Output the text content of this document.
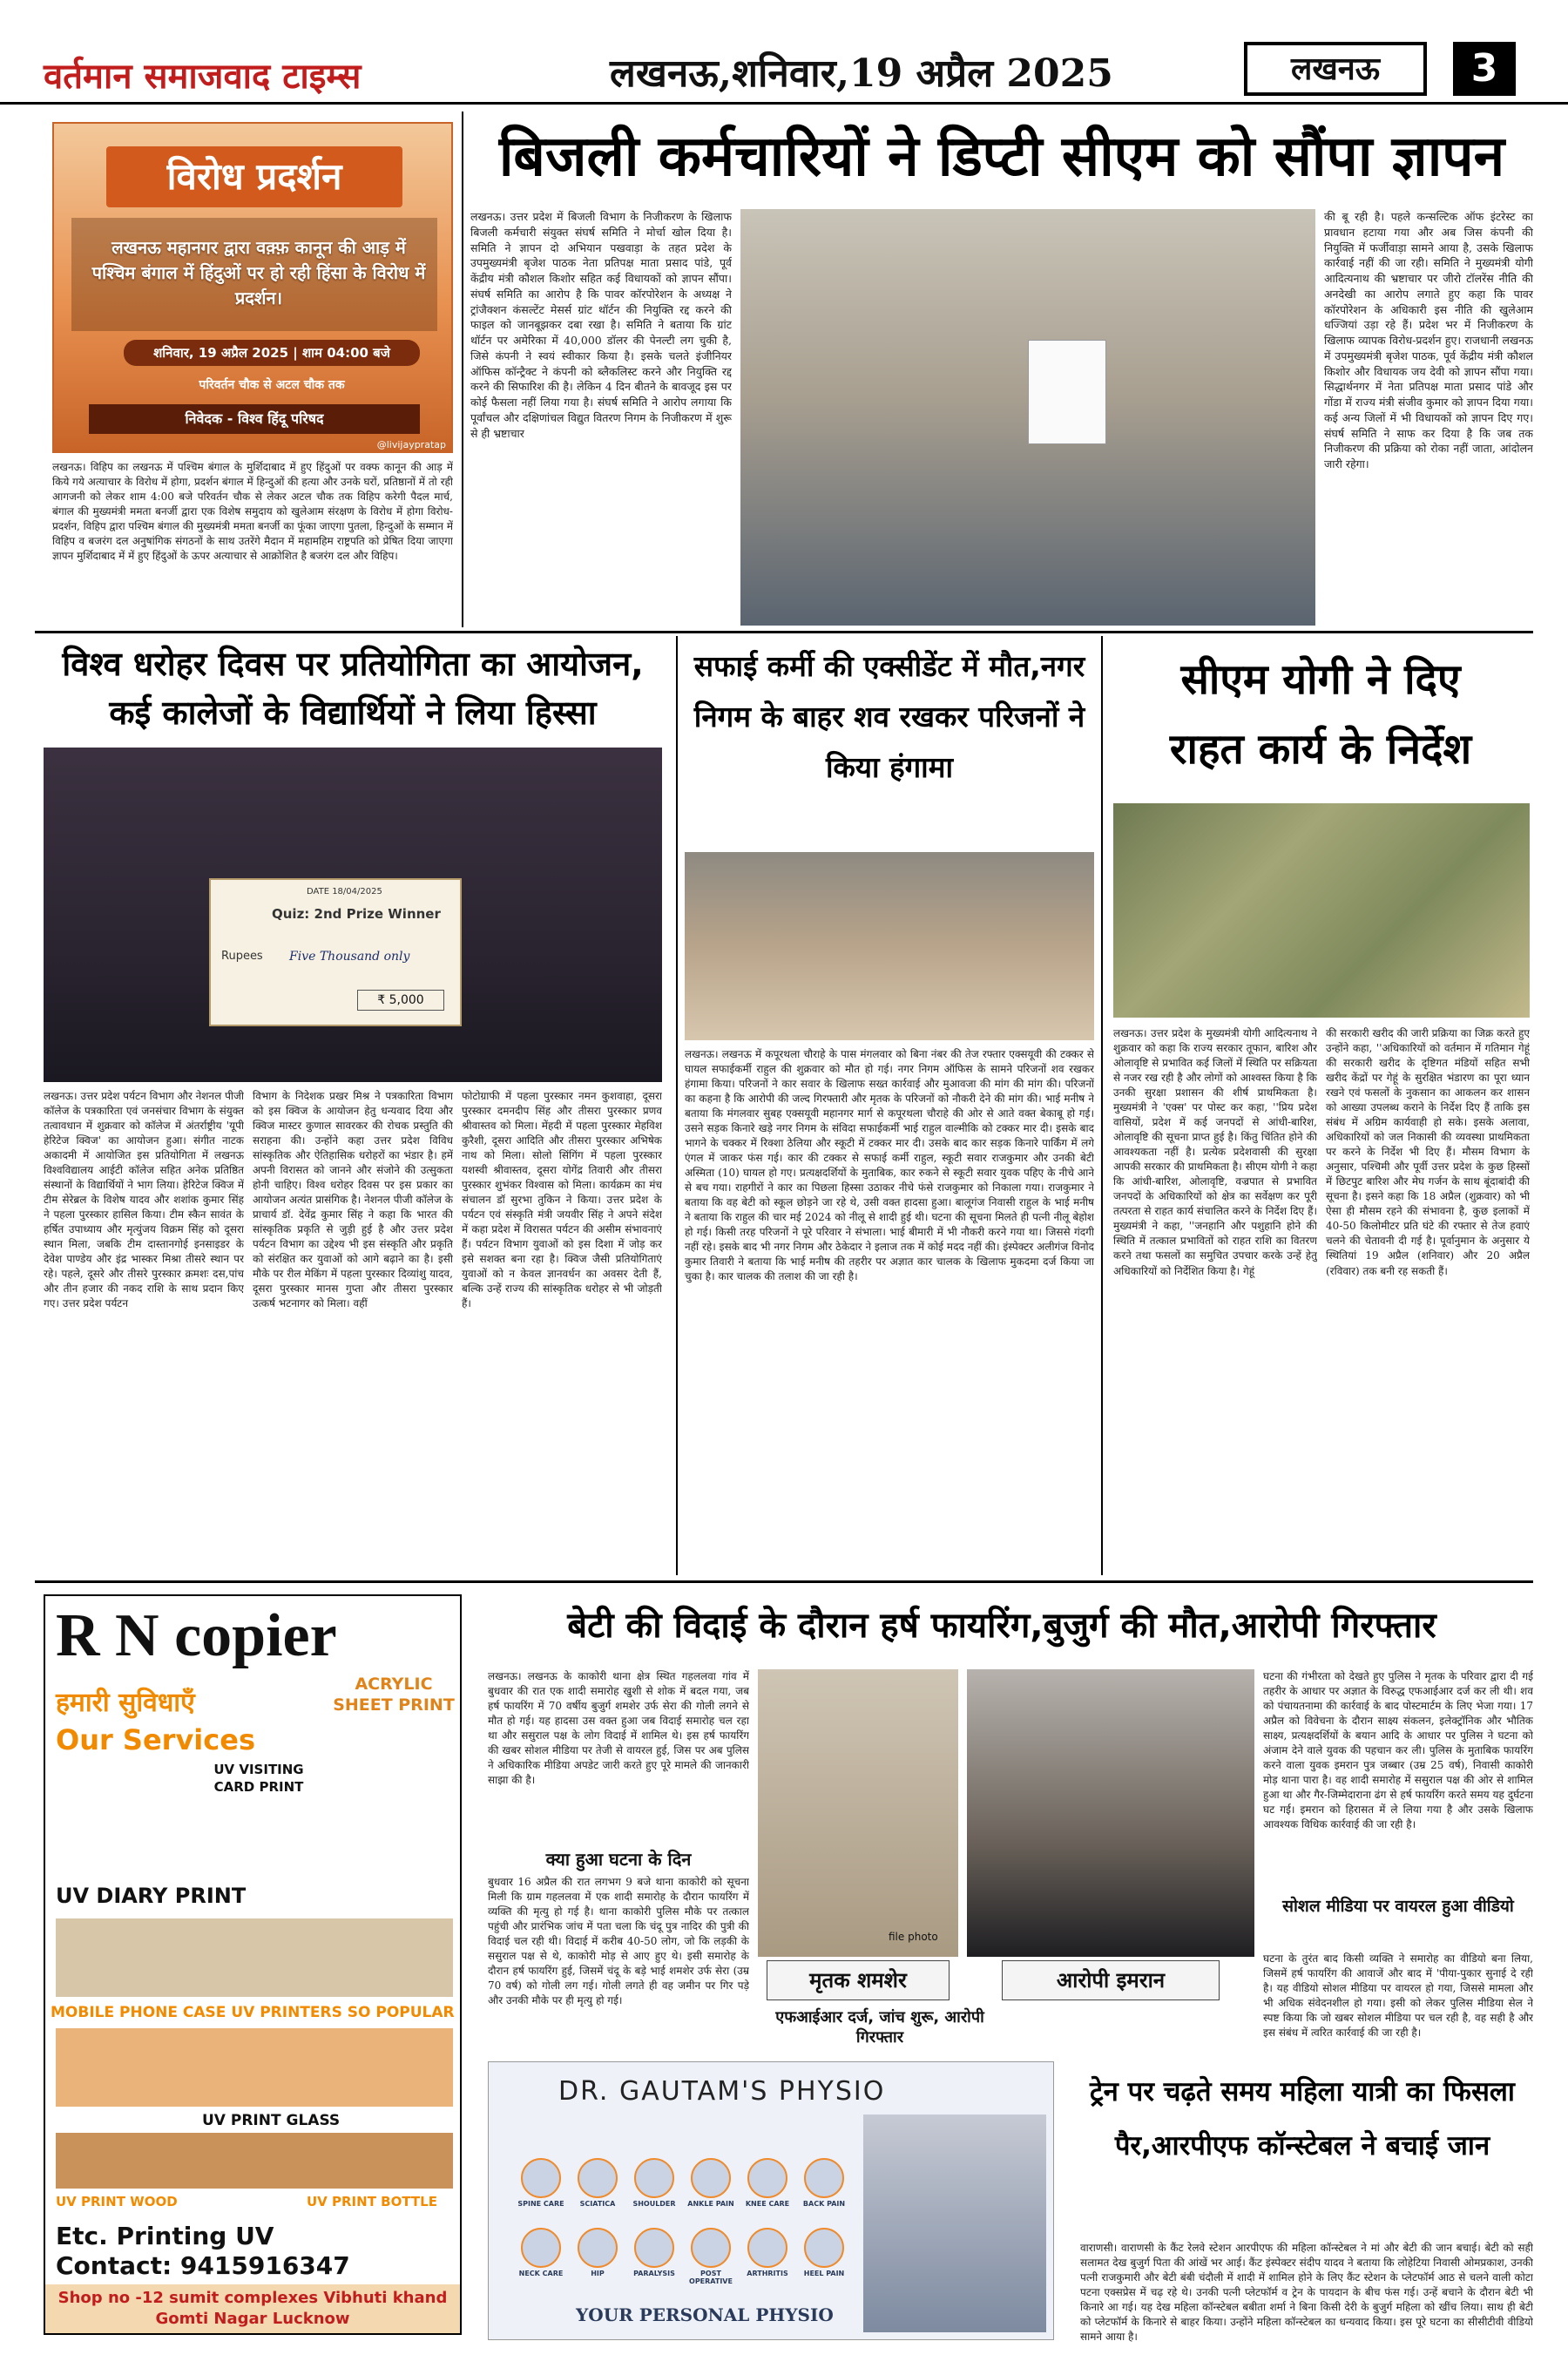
वर्तमान समाजवाद टाइम्स	लखनऊ,शनिवार,19 अप्रैल 2025	लखनऊ	3
विरोध प्रदर्शन
लखनऊ महानगर द्वारा वक़्फ़ कानून की आड़ में पश्चिम बंगाल में हिंदुओं पर हो रही हिंसा के विरोध में प्रदर्शन।
शनिवार, 19 अप्रैल 2025 | शाम 04:00 बजे
परिवर्तन चौक से अटल चौक तक
निवेदक - विश्व हिंदू परिषद
@livijaypratap
लखनऊ। विहिप का लखनऊ में पश्चिम बंगाल के मुर्शिदाबाद में हुए हिंदुओं पर वक्फ कानून की आड़ में किये गये अत्याचार के विरोध में होगा, प्रदर्शन बंगाल में हिन्दुओं की हत्या और उनके घरों, प्रतिष्ठानों में तो रही आगजनी को लेकर शाम 4:00 बजे परिवर्तन चौक से लेकर अटल चौक तक विहिप करेगी पैदल मार्च, बंगाल की मुख्यमंत्री ममता बनर्जी द्वारा एक विशेष समुदाय को खुलेआम संरक्षण के विरोध में होगा विरोध-प्रदर्शन, विहिप द्वारा पश्चिम बंगाल की मुख्यमंत्री ममता बनर्जी का फूंका जाएगा पुतला, हिन्दुओं के सम्मान में विहिप व बजरंग दल अनुषांगिक संगठनों के साथ उतरेंगे मैदान में महामहिम राष्ट्रपति को प्रेषित दिया जाएगा ज्ञापन मुर्शिदाबाद में में हुए हिंदुओं के ऊपर अत्याचार से आक्रोशित है बजरंग दल और विहिप।
बिजली कर्मचारियों ने डिप्टी सीएम को सौंपा ज्ञापन
लखनऊ। उत्तर प्रदेश में बिजली विभाग के निजीकरण के खिलाफ बिजली कर्मचारी संयुक्त संघर्ष समिति ने मोर्चा खोल दिया है। समिति ने ज्ञापन दो अभियान पखवाड़ा के तहत प्रदेश के उपमुख्यमंत्री बृजेश पाठक नेता प्रतिपक्ष माता प्रसाद पांडे, पूर्व केंद्रीय मंत्री कौशल किशोर सहित कई विधायकों को ज्ञापन सौंपा। संघर्ष समिति का आरोप है कि पावर कॉरपोरेशन के अध्यक्ष ने ट्रांजैक्शन कंसल्टेंट मेसर्स ग्रांट थॉर्टन की नियुक्ति रद्द करने की फाइल को जानबूझकर दबा रखा है। समिति ने बताया कि ग्रांट थॉर्टन पर अमेरिका में 40,000 डॉलर की पेनल्टी लग चुकी है, जिसे कंपनी ने स्वयं स्वीकार किया है। इसके चलते इंजीनियर ऑफिस कॉन्ट्रैक्ट ने कंपनी को ब्लैकलिस्ट करने और नियुक्ति रद्द करने की सिफारिश की है। लेकिन 4 दिन बीतने के बावजूद इस पर कोई फैसला नहीं लिया गया है। संघर्ष समिति ने आरोप लगाया कि पूर्वांचल और दक्षिणांचल विद्युत वितरण निगम के निजीकरण में शुरू से ही भ्रष्टाचार
की बू रही है। पहले कन्सल्टिक ऑफ इंटरेस्ट का प्रावधान हटाया गया और अब जिस कंपनी की नियुक्ति में फर्जीवाड़ा सामने आया है, उसके खिलाफ कार्रवाई नहीं की जा रही। समिति ने मुख्यमंत्री योगी आदित्यनाथ की भ्रष्टाचार पर जीरो टॉलरेंस नीति की अनदेखी का आरोप लगाते हुए कहा कि पावर कॉरपोरेशन के अधिकारी इस नीति की खुलेआम धज्जियां उड़ा रहे हैं। प्रदेश भर में निजीकरण के खिलाफ व्यापक विरोध-प्रदर्शन हुए। राजधानी लखनऊ में उपमुख्यमंत्री बृजेश पाठक, पूर्व केंद्रीय मंत्री कौशल किशोर और विधायक जय देवी को ज्ञापन सौंपा गया। सिद्धार्थनगर में नेता प्रतिपक्ष माता प्रसाद पांडे और गोंडा में राज्य मंत्री संजीव कुमार को ज्ञापन दिया गया। कई अन्य जिलों में भी विधायकों को ज्ञापन दिए गए। संघर्ष समिति ने साफ कर दिया है कि जब तक निजीकरण की प्रक्रिया को रोका नहीं जाता, आंदोलन जारी रहेगा।
विश्व धरोहर दिवस पर प्रतियोगिता का आयोजन,
कई कालेजों के विद्यार्थियों ने लिया हिस्सा
DATE 18/04/2025
Quiz: 2nd Prize Winner
Rupees Five Thousand only
₹ 5,000
लखनऊ। उत्तर प्रदेश पर्यटन विभाग और नेशनल पीजी कॉलेज के पत्रकारिता एवं जनसंचार विभाग के संयुक्त तत्वावधान में शुक्रवार को कॉलेज में अंतर्राष्ट्रीय 'यूपी हेरिटेज क्विज' का आयोजन हुआ। संगीत नाटक अकादमी में आयोजित इस प्रतियोगिता में लखनऊ विश्वविद्यालय आईटी कॉलेज सहित अनेक प्रतिष्ठित संस्थानों के विद्यार्थियों ने भाग लिया। हेरिटेज क्विज में टीम सेरेब्रल के विशेष यादव और शशांक कुमार सिंह ने पहला पुरस्कार हासिल किया। टीम स्कैन सावंत के हर्षित उपाध्याय और मृत्युंजय विक्रम सिंह को दूसरा स्थान मिला, जबकि टीम दास्तानगोई इनसाइडर के देवेश पाण्डेय और इंद्र भास्कर मिश्रा तीसरे स्थान पर रहे। पहले, दूसरे और तीसरे पुरस्कार क्रमशः दस,पांच और तीन हजार की नकद राशि के साथ प्रदान किए गए। उत्तर प्रदेश पर्यटन
विभाग के निदेशक प्रखर मिश्र ने पत्रकारिता विभाग को इस क्विज के आयोजन हेतु धन्यवाद दिया और क्विज मास्टर कुणाल सावरकर की रोचक प्रस्तुति की सराहना की। उन्होंने कहा उत्तर प्रदेश विविध सांस्कृतिक और ऐतिहासिक धरोहरों का भंडार है। हमें अपनी विरासत को जानने और संजोने की उत्सुकता होनी चाहिए। विश्व धरोहर दिवस पर इस प्रकार का आयोजन अत्यंत प्रासंगिक है। नेशनल पीजी कॉलेज के प्राचार्य डॉ. देवेंद्र कुमार सिंह ने कहा कि भारत की सांस्कृतिक प्रकृति से जुड़ी हुई है और उत्तर प्रदेश पर्यटन विभाग का उद्देश्य भी इस संस्कृति और प्रकृति को संरक्षित कर युवाओं को आगे बढ़ाने का है। इसी मौके पर रील मेकिंग में पहला पुरस्कार दिव्यांशु यादव, दूसरा पुरस्कार मानस गुप्ता और तीसरा पुरस्कार उत्कर्ष भटनागर को मिला। वहीं
फोटोग्राफी में पहला पुरस्कार नमन कुशवाहा, दूसरा पुरस्कार दमनदीप सिंह और तीसरा पुरस्कार प्रणव श्रीवास्तव को मिला। मेंहदी में पहला पुरस्कार मेहविश कुरैशी, दूसरा आदिति और तीसरा पुरस्कार अभिषेक नाथ को मिला। सोलो सिंगिंग में पहला पुरस्कार यशस्वी श्रीवास्तव, दूसरा योगेंद्र तिवारी और तीसरा पुरस्कार शुभंकर विश्वास को मिला। कार्यक्रम का मंच संचालन डॉ सुरभा तुकिन ने किया। उत्तर प्रदेश के पर्यटन एवं संस्कृति मंत्री जयवीर सिंह ने अपने संदेश में कहा प्रदेश में विरासत पर्यटन की असीम संभावनाएं हैं। पर्यटन विभाग युवाओं को इस दिशा में जोड़ कर इसे सशक्त बना रहा है। क्विज जैसी प्रतियोगिताएं युवाओं को न केवल ज्ञानवर्धन का अवसर देती हैं, बल्कि उन्हें राज्य की सांस्कृतिक धरोहर से भी जोड़ती हैं।
सफाई कर्मी की एक्सीडेंट में मौत,नगर निगम के बाहर शव रखकर परिजनों ने किया हंगामा
लखनऊ। लखनऊ में कपूरथला चौराहे के पास मंगलवार को बिना नंबर की तेज रफ्तार एक्सयूवी की टक्कर से घायल सफाईकर्मी राहुल की शुक्रवार को मौत हो गई। नगर निगम ऑफिस के सामने परिजनों शव रखकर हंगामा किया। परिजनों ने कार सवार के खिलाफ सख्त कार्रवाई और मुआवजा की मांग की मांग की। परिजनों का कहना है कि आरोपी की जल्द गिरफ्तारी और मृतक के परिजनों को नौकरी देने की मांग की। भाई मनीष ने बताया कि मंगलवार सुबह एक्सयूवी महानगर मार्ग से कपूरथला चौराहे की ओर से आते वक्त बेकाबू हो गई। उसने सड़क किनारे खड़े नगर निगम के संविदा सफाईकर्मी भाई राहुल वाल्मीकि को टक्कर मार दी। इसके बाद भागने के चक्कर में रिक्शा ठेलिया और स्कूटी में टक्कर मार दी। उसके बाद कार सड़क किनारे पार्किंग में लगे एंगल में जाकर फंस गई। कार की टक्कर से सफाई कर्मी राहुल, स्कूटी सवार राजकुमार और उनकी बेटी अस्मिता (10) घायल हो गए। प्रत्यक्षदर्शियों के मुताबिक, कार रुकने से स्कूटी सवार युवक पहिए के नीचे आने से बच गया। राहगीरों ने कार का पिछला हिस्सा उठाकर नीचे फंसे राजकुमार को निकाला गया। राजकुमार ने बताया कि वह बेटी को स्कूल छोड़ने जा रहे थे, उसी वक्त हादसा हुआ। बालूगंज निवासी राहुल के भाई मनीष ने बताया कि राहुल की चार मई 2024 को नीलू से शादी हुई थी। घटना की सूचना मिलते ही पत्नी नीलू बेहोश हो गई। किसी तरह परिजनों ने पूरे परिवार ने संभाला। भाई बीमारी में भी नौकरी करने गया था। जिससे गंदगी नहीं रहे। इसके बाद भी नगर निगम और ठेकेदार ने इलाज तक में कोई मदद नहीं की। इंस्पेक्टर अलीगंज विनोद कुमार तिवारी ने बताया कि भाई मनीष की तहरीर पर अज्ञात कार चालक के खिलाफ मुकदमा दर्ज किया जा चुका है। कार चालक की तलाश की जा रही है।
सीएम योगी ने दिए
राहत कार्य के निर्देश
लखनऊ। उत्तर प्रदेश के मुख्यमंत्री योगी आदित्यनाथ ने शुक्रवार को कहा कि राज्य सरकार तूफान, बारिश और ओलावृष्टि से प्रभावित कई जिलों में स्थिति पर सक्रियता से नजर रख रही है और लोगों को आश्वस्त किया है कि उनकी सुरक्षा प्रशासन की शीर्ष प्राथमिकता है। मुख्यमंत्री ने 'एक्स' पर पोस्ट कर कहा, ''प्रिय प्रदेश वासियों, प्रदेश में कई जनपदों से आंधी-बारिश, ओलावृष्टि की सूचना प्राप्त हुई है। किंतु चिंतित होने की आवश्यकता नहीं है। प्रत्येक प्रदेशवासी की सुरक्षा आपकी सरकार की प्राथमिकता है। सीएम योगी ने कहा कि आंधी-बारिश, ओलावृष्टि, वज्रपात से प्रभावित जनपदों के अधिकारियों को क्षेत्र का सर्वेक्षण कर पूरी तत्परता से राहत कार्य संचालित करने के निर्देश दिए हैं। मुख्यमंत्री ने कहा, ''जनहानि और पशुहानि होने की स्थिति में तत्काल प्रभावितों को राहत राशि का वितरण करने तथा फसलों का समुचित उपचार करके उन्हें हेतु अधिकारियों को निर्देशित किया है। गेहूं
की सरकारी खरीद की जारी प्रक्रिया का जिक्र करते हुए उन्होंने कहा, ''अधिकारियों को वर्तमान में गतिमान गेहूं की सरकारी खरीद के दृष्टिगत मंडियों सहित सभी खरीद केंद्रों पर गेहूं के सुरक्षित भंडारण का पूरा ध्यान रखने एवं फसलों के नुकसान का आकलन कर शासन को आख्या उपलब्ध कराने के निर्देश दिए हैं ताकि इस संबंध में अग्रिम कार्यवाही हो सके। इसके अलावा, अधिकारियों को जल निकासी की व्यवस्था प्राथमिकता पर करने के निर्देश भी दिए हैं। मौसम विभाग के अनुसार, पश्चिमी और पूर्वी उत्तर प्रदेश के कुछ हिस्सों में छिटपुट बारिश और मेघ गर्जन के साथ बूंदाबांदी की सूचना है। इसने कहा कि 18 अप्रैल (शुक्रवार) को भी ऐसा ही मौसम रहने की संभावना है, कुछ इलाकों में 40-50 किलोमीटर प्रति घंटे की रफ्तार से तेज हवाएं चलने की चेतावनी दी गई है। पूर्वानुमान के अनुसार ये स्थितियां 19 अप्रैल (शनिवार) और 20 अप्रैल (रविवार) तक बनी रह सकती हैं।
R N copier
हमारी सुविधाएँ
Our Services
ACRYLIC SHEET PRINT
UV VISITING CARD PRINT
UV DIARY PRINT
MOBILE PHONE CASE UV PRINTERS SO POPULAR
UV PRINT GLASS
UV PRINT WOOD	UV PRINT BOTTLE
Etc. Printing UV
Contact: 9415916347
Shop no -12 sumit complexes Vibhuti khand Gomti Nagar Lucknow
बेटी की विदाई के दौरान हर्ष फायरिंग,बुजुर्ग की मौत,आरोपी गिरफ्तार
लखनऊ। लखनऊ के काकोरी थाना क्षेत्र स्थित गहललवा गांव में बुधवार की रात एक शादी समारोह खुशी से शोक में बदल गया, जब हर्ष फायरिंग में 70 वर्षीय बुजुर्ग शमशेर उर्फ सेरा की गोली लगने से मौत हो गई। यह हादसा उस वक्त हुआ जब विदाई समारोह चल रहा था और ससुराल पक्ष के लोग विदाई में शामिल थे। इस हर्ष फायरिंग की खबर सोशल मीडिया पर तेजी से वायरल हुई, जिस पर अब पुलिस ने अधिकारिक मीडिया अपडेट जारी करते हुए पूरे मामले की जानकारी साझा की है।
क्या हुआ घटना के दिन
बुधवार 16 अप्रैल की रात लगभग 9 बजे थाना काकोरी को सूचना मिली कि ग्राम गहललवा में एक शादी समारोह के दौरान फायरिंग में व्यक्ति की मृत्यु हो गई है। थाना काकोरी पुलिस मौके पर तत्काल पहुंची और प्रारंभिक जांच में पता चला कि चंदू पुत्र नादिर की पुत्री की विदाई चल रही थी। विदाई में करीब 40-50 लोग, जो कि लड़की के ससुराल पक्ष से थे, काकोरी मोड़ से आए हुए थे। इसी समारोह के दौरान हर्ष फायरिंग हुई, जिसमें चंदू के बड़े भाई शमशेर उर्फ सेरा (उम्र 70 वर्ष) को गोली लग गई। गोली लगते ही वह जमीन पर गिर पड़े और उनकी मौके पर ही मृत्यु हो गई।
file photo
मृतक शमशेर	आरोपी इमरान
एफआईआर दर्ज, जांच शुरू, आरोपी गिरफ्तार
घटना की गंभीरता को देखते हुए पुलिस ने मृतक के परिवार द्वारा दी गई तहरीर के आधार पर अज्ञात के विरुद्ध एफआईआर दर्ज कर ली थी। शव को पंचायतनामा की कार्रवाई के बाद पोस्टमार्टम के लिए भेजा गया। 17 अप्रैल को विवेचना के दौरान साक्ष्य संकलन, इलेक्ट्रॉनिक और भौतिक साक्ष्य, प्रत्यक्षदर्शियों के बयान आदि के आधार पर पुलिस ने घटना को अंजाम देने वाले युवक की पहचान कर ली। पुलिस के मुताबिक फायरिंग करने वाला युवक इमरान पुत्र जब्बार (उम्र 25 वर्ष), निवासी काकोरी मोड़ थाना पारा है। वह शादी समारोह में ससुराल पक्ष की ओर से शामिल हुआ था और गैर-जिम्मेदाराना ढंग से हर्ष फायरिंग करते समय यह दुर्घटना घट गई। इमरान को हिरासत में ले लिया गया है और उसके खिलाफ आवश्यक विधिक कार्रवाई की जा रही है।
सोशल मीडिया पर वायरल हुआ वीडियो
घटना के तुरंत बाद किसी व्यक्ति ने समारोह का वीडियो बना लिया, जिसमें हर्ष फायरिंग की आवाजें और बाद में 'पीया-पुकार सुनाई दे रही है। यह वीडियो सोशल मीडिया पर वायरल हो गया, जिससे मामला और भी अधिक संवेदनशील हो गया। इसी को लेकर पुलिस मीडिया सेल ने स्पष्ट किया कि जो खबर सोशल मीडिया पर चल रही है, वह सही है और इस संबंध में त्वरित कार्रवाई की जा रही है।
DR. GAUTAM'S PHYSIO
SPINE CARE	SCIATICA	SHOULDER	ANKLE PAIN	KNEE CARE	BACK PAIN
NECK CARE	HIP	PARALYSIS	POST OPERATIVE
ARTHRITIS	HEEL PAIN
YOUR PERSONAL PHYSIO
ट्रेन पर चढ़ते समय महिला यात्री का फिसला पैर,आरपीएफ कॉन्स्टेबल ने बचाई जान
वाराणसी। वाराणसी के कैंट रेलवे स्टेशन आरपीएफ की महिला कॉन्स्टेबल ने मां और बेटी की जान बचाई। बेटी को सही सलामत देख बुजुर्ग पिता की आंखें भर आई। कैंट इंस्पेक्टर संदीप यादव ने बताया कि लोहेटिया निवासी ओमप्रकाश, उनकी पत्नी राजकुमारी और बेटी बंबी चंदौली में शादी में शामिल होने के लिए कैंट स्टेशन के प्लेटफॉर्म आठ से चलने वाली कोटा पटना एक्सप्रेस में चढ़ रहे थे। उनकी पत्नी प्लेटफॉर्म व ट्रेन के पायदान के बीच फंस गई। उन्हें बचाने के दौरान बेटी भी किनारे आ गई। यह देख महिला कॉन्स्टेबल बबीता शर्मा ने बिना किसी देरी के बुजुर्ग महिला को खींच लिया। साथ ही बेटी को प्लेटफॉर्म के किनारे से बाहर किया। उन्होंने महिला कॉन्स्टेबल का धन्यवाद किया। इस पूरे घटना का सीसीटीवी वीडियो सामने आया है।
